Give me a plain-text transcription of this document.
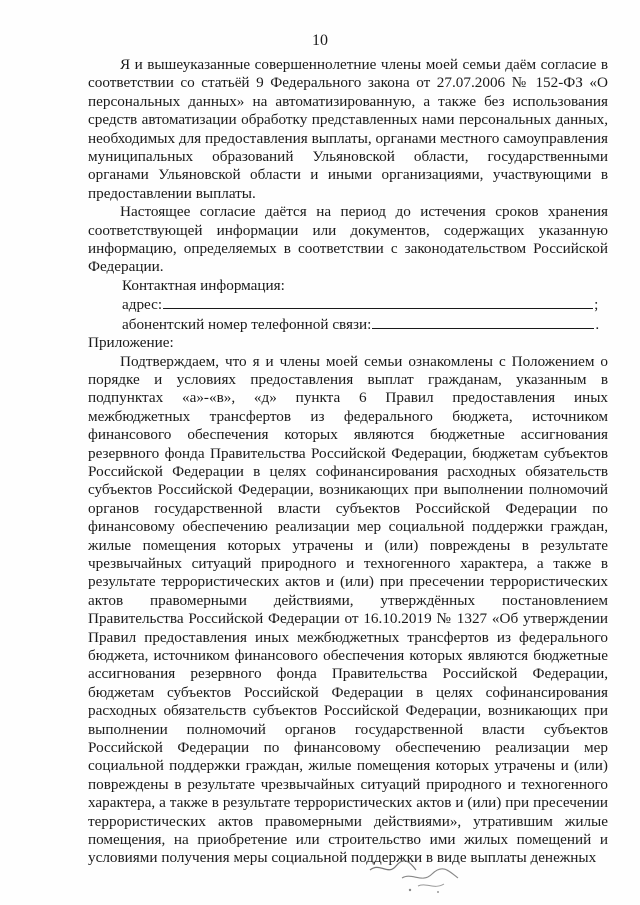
10

Я и вышеуказанные совершеннолетние члены моей семьи даём согласие в соответствии со статьёй 9 Федерального закона от 27.07.2006 № 152-ФЗ «О персональных данных» на автоматизированную, а также без использования средств автоматизации обработку представленных нами персональных данных, необходимых для предоставления выплаты, органами местного самоуправления муниципальных образований Ульяновской области, государственными органами Ульяновской области и иными организациями, участвующими в предоставлении выплаты.

Настоящее согласие даётся на период до истечения сроков хранения соответствующей информации или документов, содержащих указанную информацию, определяемых в соответствии с законодательством Российской Федерации.

Контактная информация:
адрес:	;
абонентский номер телефонной связи:	.

Приложение:

Подтверждаем, что я и члены моей семьи ознакомлены с Положением о порядке и условиях предоставления выплат гражданам, указанным в подпунктах «а»-«в», «д» пункта 6 Правил предоставления иных межбюджетных трансфертов из федерального бюджета, источником финансового обеспечения которых являются бюджетные ассигнования резервного фонда Правительства Российской Федерации, бюджетам субъектов Российской Федерации в целях софинансирования расходных обязательств субъектов Российской Федерации, возникающих при выполнении полномочий органов государственной власти субъектов Российской Федерации по финансовому обеспечению реализации мер социальной поддержки граждан, жилые помещения которых утрачены и (или) повреждены в результате чрезвычайных ситуаций природного и техногенного характера, а также в результате террористических актов и (или) при пресечении террористических актов правомерными действиями, утверждённых постановлением Правительства Российской Федерации от 16.10.2019 № 1327 «Об утверждении Правил предоставления иных межбюджетных трансфертов из федерального бюджета, источником финансового обеспечения которых являются бюджетные ассигнования резервного фонда Правительства Российской Федерации, бюджетам субъектов Российской Федерации в целях софинансирования расходных обязательств субъектов Российской Федерации, возникающих при выполнении полномочий органов государственной власти субъектов Российской Федерации по финансовому обеспечению реализации мер социальной поддержки граждан, жилые помещения которых утрачены и (или) повреждены в результате чрезвычайных ситуаций природного и техногенного характера, а также в результате террористических актов и (или) при пресечении террористических актов правомерными действиями», утратившим жилые помещения, на приобретение или строительство ими жилых помещений и условиями получения меры социальной поддержки в виде выплаты денежных
